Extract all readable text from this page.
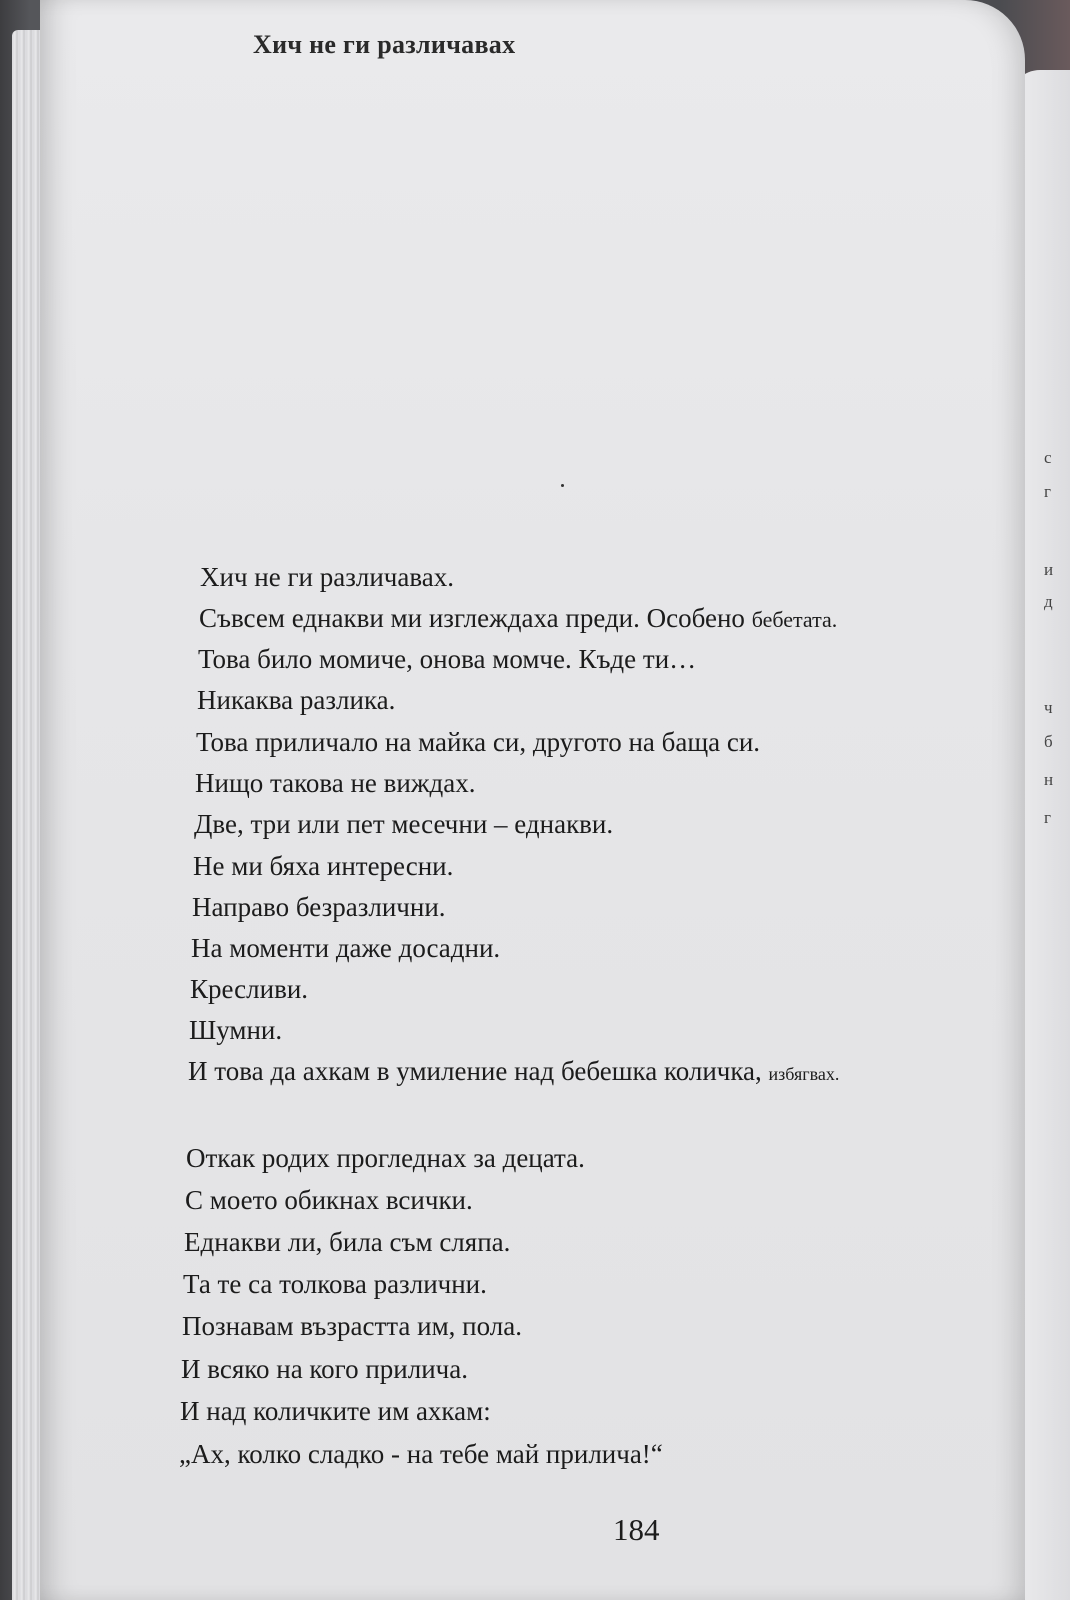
с
г
и
д
ч
б
н
г
Хич не ги различавах
Хич не ги различавах.
Съвсем еднакви ми изглеждаха преди. Особено бебетата.
Това било момиче, онова момче. Къде ти…
Никаква разлика.
Това приличало на майка си, другото на баща си.
Нищо такова не виждах.
Две, три или пет месечни – еднакви.
Не ми бяха интересни.
Направо безразлични.
На моменти даже досадни.
Кресливи.
Шумни.
И това да ахкам в умиление над бебешка количка, избягвах.
Откак родих прогледнах за децата.
С моето обикнах всички.
Еднакви ли, била съм сляпа.
Та те са толкова различни.
Познавам възрастта им, пола.
И всяко на кого прилича.
И над количките им ахкам:
„Ах, колко сладко - на тебе май прилича!“
184
